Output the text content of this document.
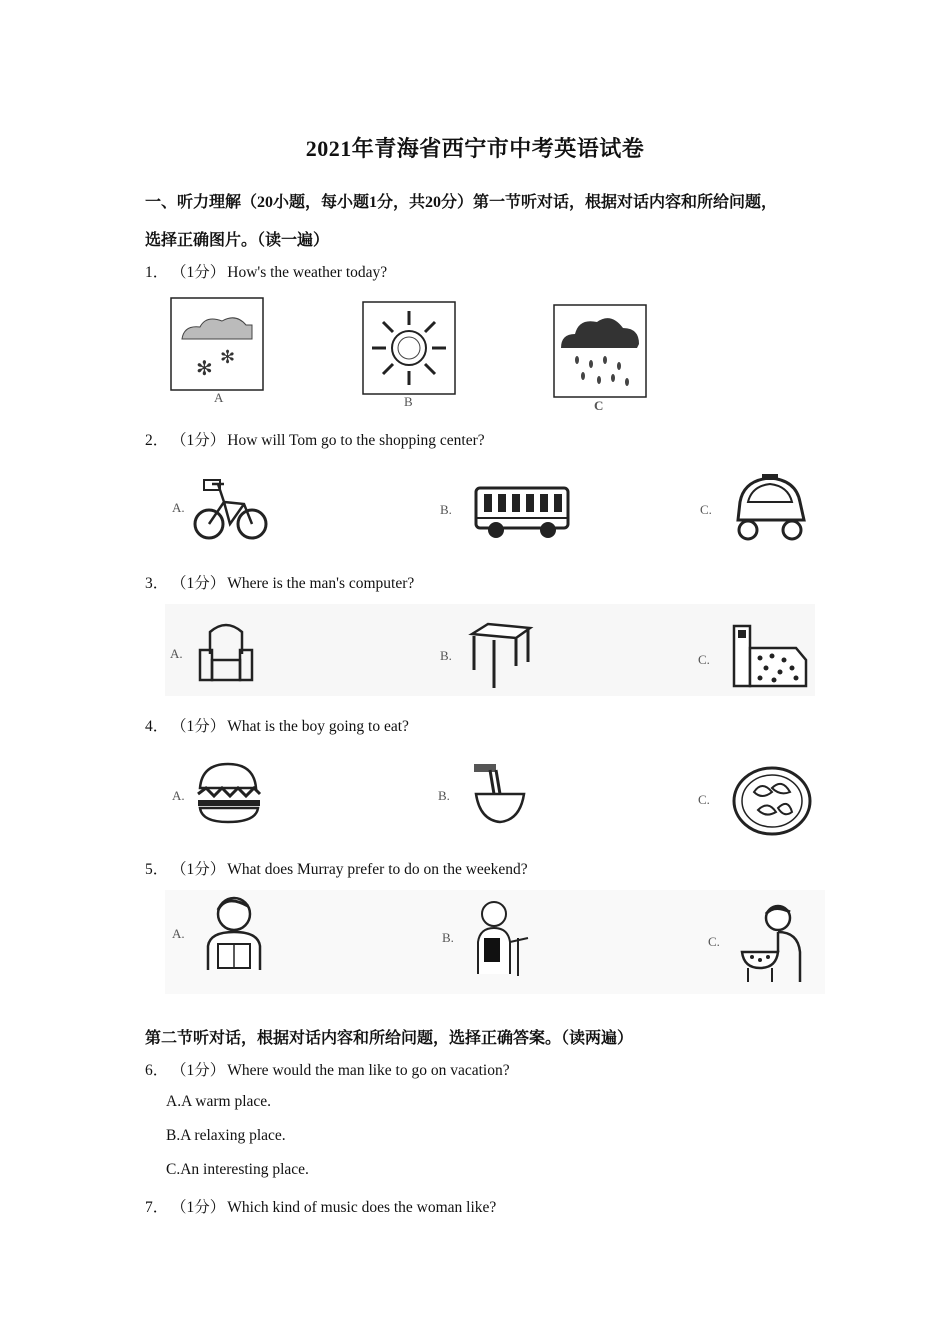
2021年青海省西宁市中考英语试卷
一、听力理解（20小题，每小题1分，共20分）第一节听对话，根据对话内容和所给问题，
选择正确图片。（读一遍）
1． （1分） How's the weather today?
✻
✻
A	B	C
2． （1分） How will Tom go to the shopping center?
A.	B.	C.
3． （1分） Where is the man's computer?
A.	B.	C.
4． （1分） What is the boy going to eat?
A.	B.	C.
5． （1分） What does Murray prefer to do on the weekend?
A.	B.	C.
第二节听对话，根据对话内容和所给问题，选择正确答案。（读两遍）
6． （1分） Where would the man like to go on vacation?
A.A warm place.
B.A relaxing place.
C.An interesting place.
7． （1分） Which kind of music does the woman like?
